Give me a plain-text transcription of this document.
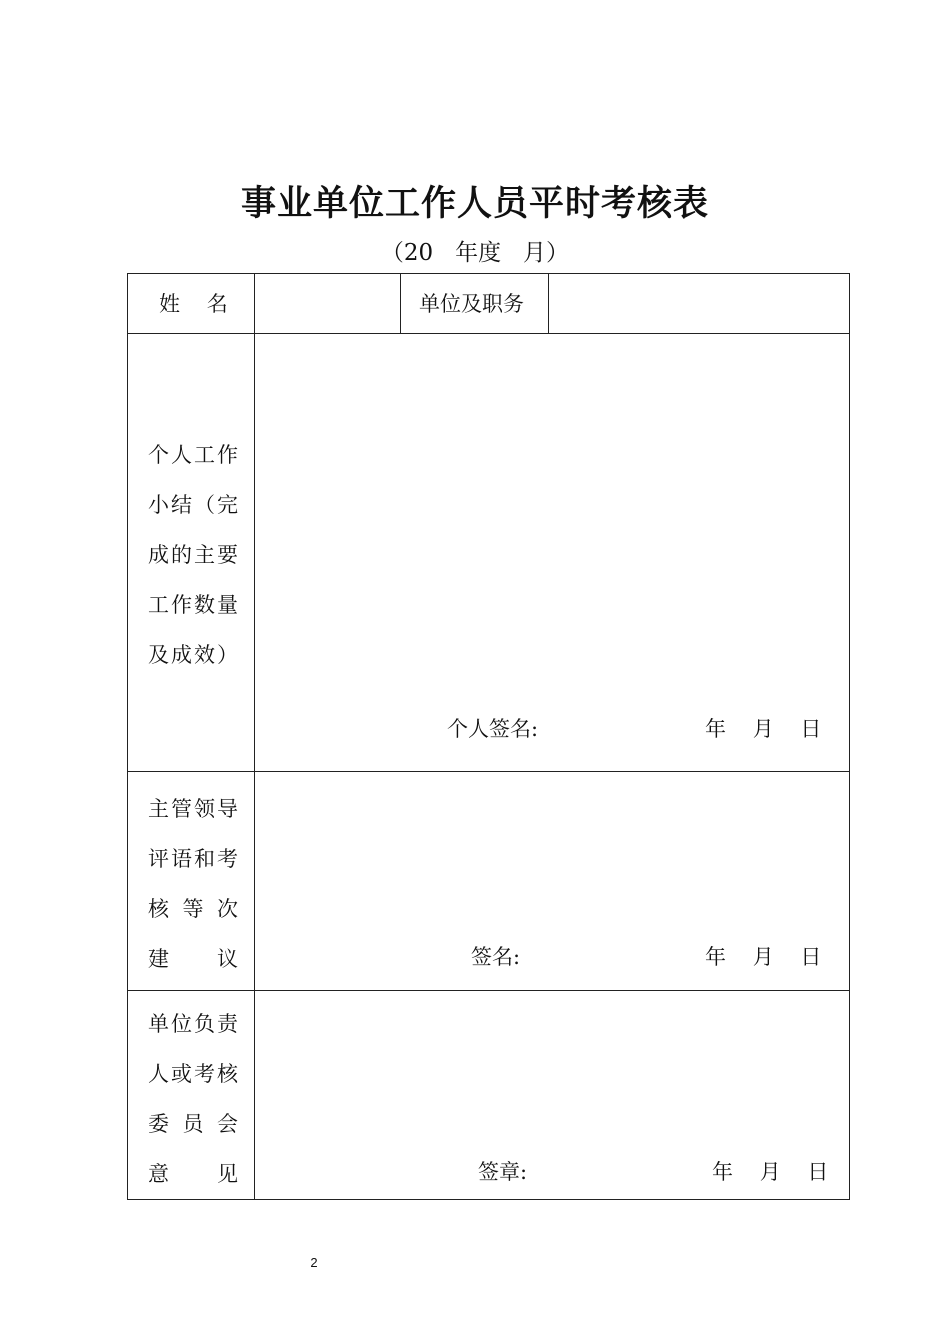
事业单位工作人员平时考核表
（20   年度   月）
姓    名	单位及职务
个人工作
小结（完
成的主要
工作数量
及成效）
个人签名:	年    月    日
主管领导
评语和考
核等次
建议	签名:	年    月    日
单位负责
人或考核
委员会
意见	签章:	年    月    日
2
